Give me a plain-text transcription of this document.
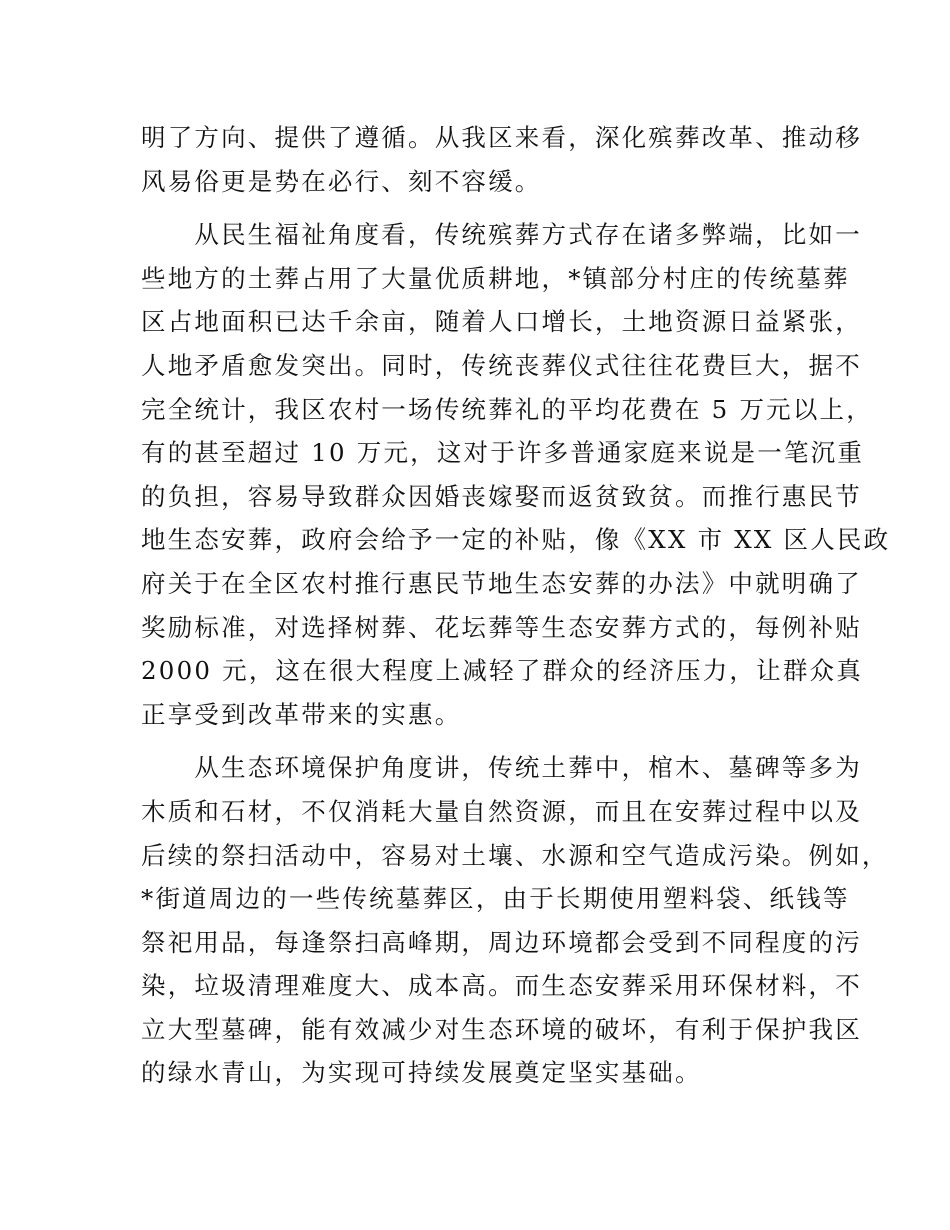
明了方向、提供了遵循。从我区来看，深化殡葬改革、推动移
风易俗更是势在必行、刻不容缓。
　　从民生福祉角度看，传统殡葬方式存在诸多弊端，比如一
些地方的土葬占用了大量优质耕地，*镇部分村庄的传统墓葬
区占地面积已达千余亩，随着人口增长，土地资源日益紧张，
人地矛盾愈发突出。同时，传统丧葬仪式往往花费巨大，据不
完全统计，我区农村一场传统葬礼的平均花费在 5 万元以上，
有的甚至超过 10 万元，这对于许多普通家庭来说是一笔沉重
的负担，容易导致群众因婚丧嫁娶而返贫致贫。而推行惠民节
地生态安葬，政府会给予一定的补贴，像《XX 市 XX 区人民政
府关于在全区农村推行惠民节地生态安葬的办法》中就明确了
奖励标准，对选择树葬、花坛葬等生态安葬方式的，每例补贴
2000 元，这在很大程度上减轻了群众的经济压力，让群众真
正享受到改革带来的实惠。
　　从生态环境保护角度讲，传统土葬中，棺木、墓碑等多为
木质和石材，不仅消耗大量自然资源，而且在安葬过程中以及
后续的祭扫活动中，容易对土壤、水源和空气造成污染。例如，
*街道周边的一些传统墓葬区，由于长期使用塑料袋、纸钱等
祭祀用品，每逢祭扫高峰期，周边环境都会受到不同程度的污
染，垃圾清理难度大、成本高。而生态安葬采用环保材料，不
立大型墓碑，能有效减少对生态环境的破坏，有利于保护我区
的绿水青山，为实现可持续发展奠定坚实基础。
